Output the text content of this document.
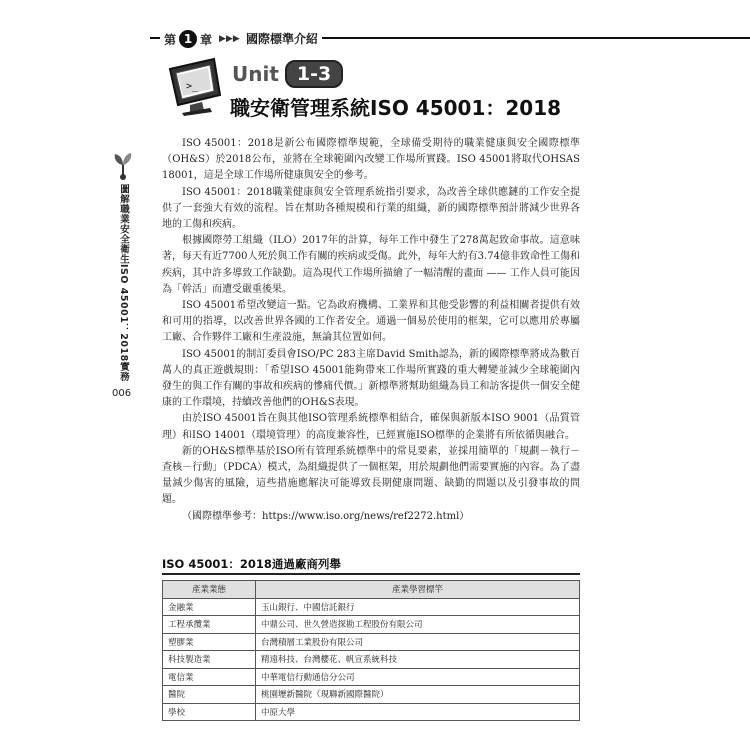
第 1 章 ▶▶▶ 國際標準介紹
>_
Unit 1-3
職安衛管理系統ISO 45001：2018
圖解職業安全衛生ISO 45001：2018實務
006

ISO 45001：2018是新公布國際標準規範，全球備受期待的職業健康與安全國際標準（OH&S）於2018公布，並將在全球範圍內改變工作場所實踐。ISO 45001將取代OHSAS 18001，這是全球工作場所健康與安全的參考。

ISO 45001：2018職業健康與安全管理系統指引要求，為改善全球供應鏈的工作安全提供了一套強大有效的流程。旨在幫助各種規模和行業的組織，新的國際標準預計將減少世界各地的工傷和疾病。

根據國際勞工組織（ILO）2017年的計算，每年工作中發生了278萬起致命事故。這意味著，每天有近7700人死於與工作有關的疾病或受傷。此外，每年大約有3.74億非致命性工傷和疾病，其中許多導致工作缺勤。這為現代工作場所描繪了一幅清醒的畫面 —— 工作人員可能因為「幹活」而遭受嚴重後果。

ISO 45001希望改變這一點。它為政府機構、工業界和其他受影響的利益相關者提供有效和可用的指導，以改善世界各國的工作者安全。通過一個易於使用的框架，它可以應用於專屬工廠、合作夥伴工廠和生產設施，無論其位置如何。

ISO 45001的制訂委員會ISO/PC 283主席David Smith認為，新的國際標準將成為數百萬人的真正遊戲規則：「希望ISO 45001能夠帶來工作場所實踐的重大轉變並減少全球範圍內發生的與工作有關的事故和疾病的慘痛代價。」新標準將幫助組織為員工和訪客提供一個安全健康的工作環境，持續改善他們的OH&S表現。

由於ISO 45001旨在與其他ISO管理系統標準相結合，確保與新版本ISO 9001（品質管理）和ISO 14001（環境管理）的高度兼容性，已經實施ISO標準的企業將有所依循與融合。

新的OH&S標準基於ISO所有管理系統標準中的常見要素，並採用簡單的「規劃－執行－查核－行動」（PDCA）模式，為組織提供了一個框架，用於規劃他們需要實施的內容。為了盡量減少傷害的風險，這些措施應解決可能導致長期健康問題、缺勤的問題以及引發事故的問題。

（國際標準參考：https://www.iso.org/news/ref2272.html）

ISO 45001：2018通過廠商列舉
產業業態	產業學習標竿
金融業	玉山銀行、中國信託銀行
工程承攬業	中鼎公司、世久營造探勘工程股份有限公司
塑膠業	台灣積層工業股份有限公司
科技製造業	精遠科技、台灣櫻花、帆宣系統科技
電信業	中華電信行動通信分公司
醫院	桃園壢新醫院（現聯新國際醫院）
學校	中原大學
